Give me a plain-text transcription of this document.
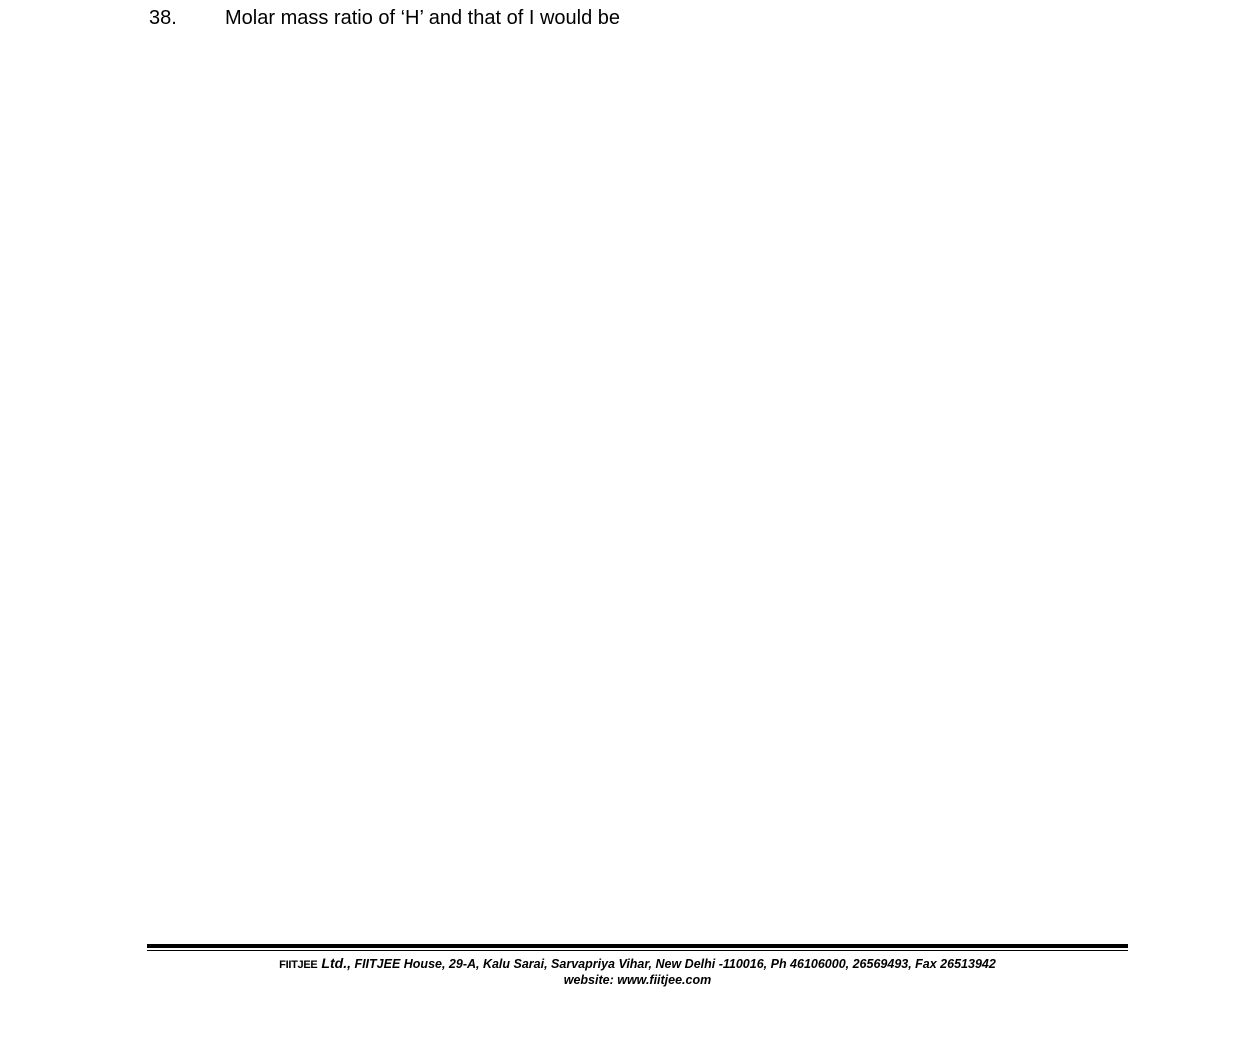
38. Molar mass ratio of ‘H’ and that of I would be
FIITJEE Ltd., FIITJEE House, 29-A, Kalu Sarai, Sarvapriya Vihar, New Delhi -110016, Ph 46106000, 26569493, Fax 26513942
website: www.fiitjee.com
